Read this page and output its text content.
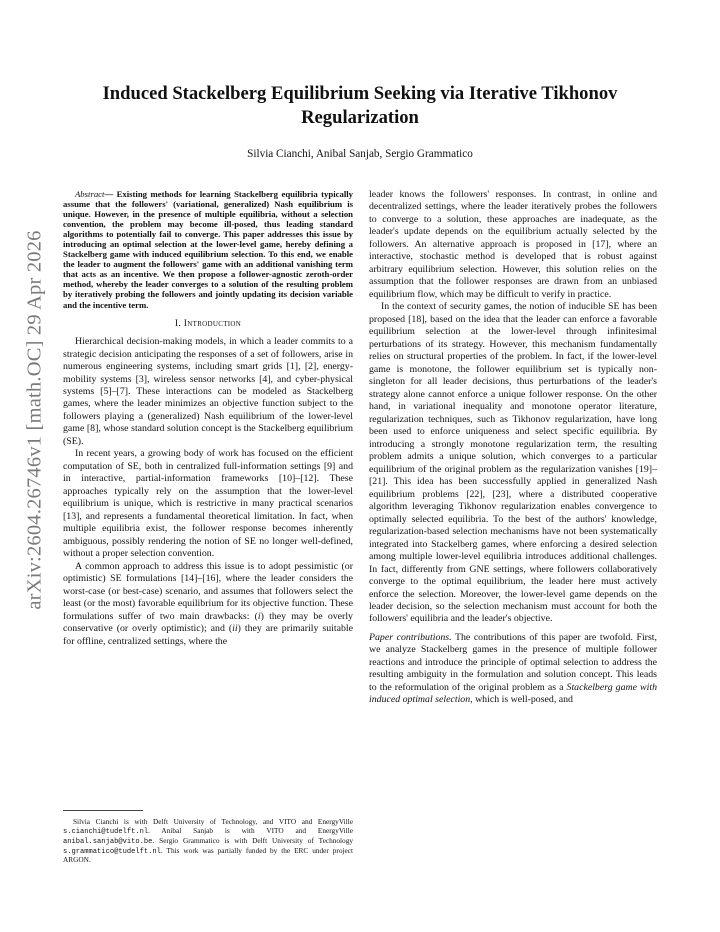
arXiv:2604.26746v1 [math.OC] 29 Apr 2026
Induced Stackelberg Equilibrium Seeking via Iterative Tikhonov Regularization
Silvia Cianchi, Anibal Sanjab, Sergio Grammatico

Abstract— Existing methods for learning Stackelberg equilibria typically assume that the followers' (variational, generalized) Nash equilibrium is unique. However, in the presence of multiple equilibria, without a selection convention, the problem may become ill-posed, thus leading standard algorithms to potentially fail to converge. This paper addresses this issue by introducing an optimal selection at the lower-level game, hereby defining a Stackelberg game with induced equilibrium selection. To this end, we enable the leader to augment the followers' game with an additional vanishing term that acts as an incentive. We then propose a follower-agnostic zeroth-order method, whereby the leader converges to a solution of the resulting problem by iteratively probing the followers and jointly updating its decision variable and the incentive term.

I. Introduction

Hierarchical decision-making models, in which a leader commits to a strategic decision anticipating the responses of a set of followers, arise in numerous engineering systems, including smart grids [1], [2], energy-mobility systems [3], wireless sensor networks [4], and cyber-physical systems [5]–[7]. These interactions can be modeled as Stackelberg games, where the leader minimizes an objective function subject to the followers playing a (generalized) Nash equilibrium of the lower-level game [8], whose standard solution concept is the Stackelberg equilibrium (SE).

In recent years, a growing body of work has focused on the efficient computation of SE, both in centralized full-information settings [9] and in interactive, partial-information frameworks [10]–[12]. These approaches typically rely on the assumption that the lower-level equilibrium is unique, which is restrictive in many practical scenarios [13], and represents a fundamental theoretical limitation. In fact, when multiple equilibria exist, the follower response becomes inherently ambiguous, possibly rendering the notion of SE no longer well-defined, without a proper selection convention.

A common approach to address this issue is to adopt pessimistic (or optimistic) SE formulations [14]–[16], where the leader considers the worst-case (or best-case) scenario, and assumes that followers select the least (or the most) favorable equilibrium for its objective function. These formulations suffer of two main drawbacks: (i) they may be overly conservative (or overly optimistic); and (ii) they are primarily suitable for offline, centralized settings, where the

Silvia Cianchi is with Delft University of Technology, and VITO and EnergyVille s.cianchi@tudelft.nl. Anibal Sanjab is with VITO and EnergyVille anibal.sanjab@vito.be. Sergio Grammatico is with Delft University of Technology s.grammatico@tudelft.nl. This work was partially funded by the ERC under project ARGON.

leader knows the followers' responses. In contrast, in online and decentralized settings, where the leader iteratively probes the followers to converge to a solution, these approaches are inadequate, as the leader's update depends on the equilibrium actually selected by the followers. An alternative approach is proposed in [17], where an interactive, stochastic method is developed that is robust against arbitrary equilibrium selection. However, this solution relies on the assumption that the follower responses are drawn from an unbiased equilibrium flow, which may be difficult to verify in practice.

In the context of security games, the notion of inducible SE has been proposed [18], based on the idea that the leader can enforce a favorable equilibrium selection at the lower-level through infinitesimal perturbations of its strategy. However, this mechanism fundamentally relies on structural properties of the problem. In fact, if the lower-level game is monotone, the follower equilibrium set is typically non-singleton for all leader decisions, thus perturbations of the leader's strategy alone cannot enforce a unique follower response. On the other hand, in variational inequality and monotone operator literature, regularization techniques, such as Tikhonov regularization, have long been used to enforce uniqueness and select specific equilibria. By introducing a strongly monotone regularization term, the resulting problem admits a unique solution, which converges to a particular equilibrium of the original problem as the regularization vanishes [19]–[21]. This idea has been successfully applied in generalized Nash equilibrium problems [22], [23], where a distributed cooperative algorithm leveraging Tikhonov regularization enables convergence to optimally selected equilibria. To the best of the authors' knowledge, regularization-based selection mechanisms have not been systematically integrated into Stackelberg games, where enforcing a desired selection among multiple lower-level equilibria introduces additional challenges. In fact, differently from GNE settings, where followers collaboratively converge to the optimal equilibrium, the leader here must actively enforce the selection. Moreover, the lower-level game depends on the leader decision, so the selection mechanism must account for both the followers' equilibria and the leader's objective.

Paper contributions. The contributions of this paper are twofold. First, we analyze Stackelberg games in the presence of multiple follower reactions and introduce the principle of optimal selection to address the resulting ambiguity in the formulation and solution concept. This leads to the reformulation of the original problem as a Stackelberg game with induced optimal selection, which is well-posed, and
